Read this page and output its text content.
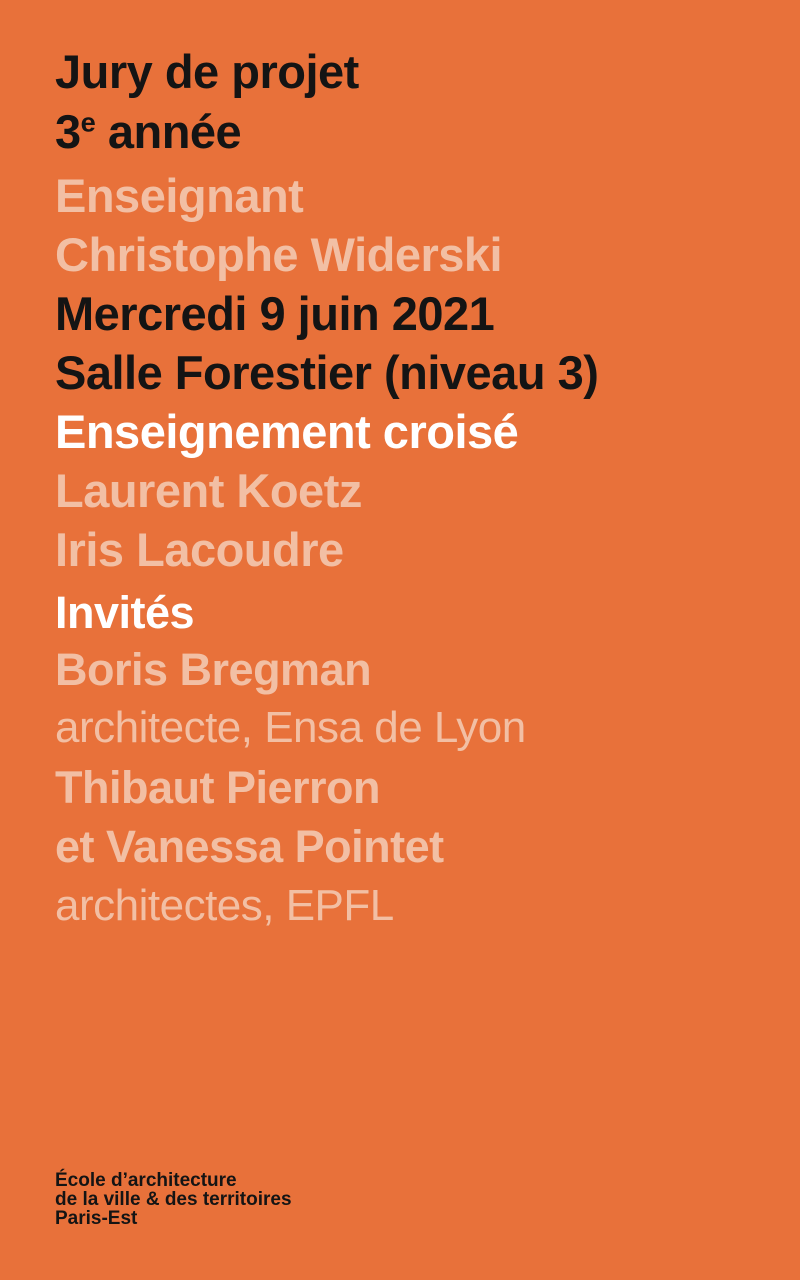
Jury de projet
3e année
Enseignant
Christophe Widerski
Mercredi 9 juin 2021
Salle Forestier (niveau 3)
Enseignement croisé
Laurent Koetz
Iris Lacoudre
Invités
Boris Bregman
architecte, Ensa de Lyon
Thibaut Pierron
et Vanessa Pointet
architectes, EPFL
École d’architecture
de la ville & des territoires
Paris-Est
